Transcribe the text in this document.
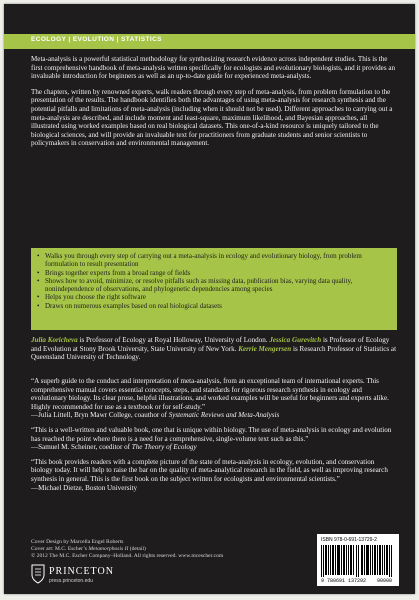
ECOLOGY | EVOLUTION | STATISTICS

Meta-analysis is a powerful statistical methodology for synthesizing research evidence across independent studies. This is the first comprehensive handbook of meta-analysis written specifically for ecologists and evolutionary biologists, and it provides an invaluable introduction for beginners as well as an up-to-date guide for experienced meta-analysts.

The chapters, written by renowned experts, walk readers through every step of meta-analysis, from problem formulation to the presentation of the results. The handbook identifies both the advantages of using meta-analysis for research synthesis and the potential pitfalls and limitations of meta-analysis (including when it should not be used). Different approaches to carrying out a meta-analysis are described, and include moment and least-square, maximum likelihood, and Bayesian approaches, all illustrated using worked examples based on real biological datasets. This one-of-a-kind resource is uniquely tailored to the biological sciences, and will provide an invaluable text for practitioners from graduate students and senior scientists to policymakers in conservation and environmental management.

• Walks you through every step of carrying out a meta-analysis in ecology and evolutionary biology, from problem formulation to result presentation
• Brings together experts from a broad range of fields
• Shows how to avoid, minimize, or resolve pitfalls such as missing data, publication bias, varying data quality, nonindependence of observations, and phylogenetic dependencies among species
• Helps you choose the right software
• Draws on numerous examples based on real biological datasets
Julia Koricheva is Professor of Ecology at Royal Holloway, University of London. Jessica Gurevitch is Professor of Ecology and Evolution at Stony Brook University, State University of New York. Kerrie Mengersen is Research Professor of Statistics at Queensland University of Technology.
“A superb guide to the conduct and interpretation of meta-analysis, from an exceptional team of international experts. This comprehensive manual covers essential concepts, steps, and standards for rigorous research synthesis in ecology and evolutionary biology. Its clear prose, helpful illustrations, and worked examples will be useful for beginners and experts alike. Highly recommended for use as a textbook or for self-study.”
—Julia Littell, Bryn Mawr College, coauthor of Systematic Reviews and Meta-Analysis
“This is a well-written and valuable book, one that is unique within biology. The use of meta-analysis in ecology and evolution has reached the point where there is a need for a comprehensive, single-volume text such as this.”
—Samuel M. Scheiner, coeditor of The Theory of Ecology
“This book provides readers with a complete picture of the state of meta-analysis in ecology, evolution, and conservation biology today. It will help to raise the bar on the quality of meta-analytical research in the field, as well as improving research synthesis in general. This is the first book on the subject written for ecologists and environmental scientists.”
—Michael Dietze, Boston University
Cover Design by Marcella Engel Roberts
Cover art: M.C. Escher’s Metamorphosis II (detail)
© 2012 The M.C. Escher Company–Holland. All rights reserved. www.mcescher.com
PRINCETON
press.princeton.edu
ISBN 978-0-691-13729-2
9 780691 137292 90000
